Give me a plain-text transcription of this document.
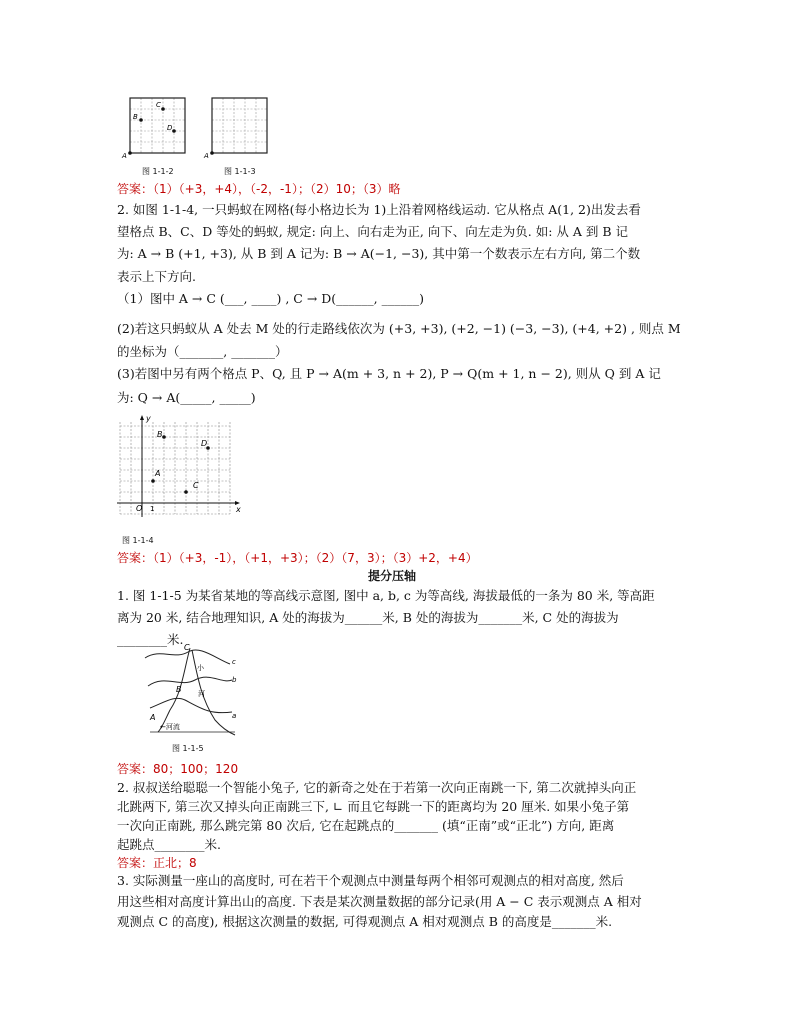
A
B
C
D
图 1-1-2
A
图 1-1-3
答案：（1）（+3，+4），（-2，-1）；（2）10；（3）略
2. 如图 1-1-4, 一只蚂蚁在网格(每小格边长为 1)上沿着网格线运动. 它从格点 A(1, 2)出发去看
望格点 B、C、D 等处的蚂蚁, 规定: 向上、向右走为正, 向下、向左走为负. 如: 从 A 到 B 记
为: A → B (+1, +3), 从 B 到 A 记为: B → A(−1, −3), 其中第一个数表示左右方向, 第二个数
表示上下方向.
（1）图中 A → C (___, ____) , C → D(______, ______)
(2)若这只蚂蚁从 A 处去 M 处的行走路线依次为 (+3, +3), (+2, −1) (−3, −3), (+4, +2) , 则点 M
的坐标为（_______, _______）
(3)若图中另有两个格点 P、Q, 且 P → A(m + 3, n + 2), P → Q(m + 1, n − 2), 则从 Q 到 A 记
为: Q → A(_____, _____)
A
B
C
D
O 1	x
y
图 1-1-4
答案：（1）（+3，-1），（+1，+3）；（2）（7，3）；（3）+2，+4）
提分压轴
1. 图 1-1-5 为某省某地的等高线示意图, 图中 a, b, c 为等高线, 海拔最低的一条为 80 米, 等高距
离为 20 米, 结合地理知识, A 处的海拔为______米, B 处的海拔为_______米, C 处的海拔为
________米.
C
B
A
c
b
a
小
河
←河流
图 1-1-5
答案：80；100；120
2. 叔叔送给聪聪一个智能小兔子, 它的新奇之处在于若第一次向正南跳一下, 第二次就掉头向正
北跳两下, 第三次又掉头向正南跳三下, ∟ 而且它每跳一下的距离均为 20 厘米. 如果小兔子第
一次向正南跳, 那么跳完第 80 次后, 它在起跳点的_______ (填“正南”或“正北”) 方向, 距离
起跳点________米.
答案：正北；8
3. 实际测量一座山的高度时, 可在若干个观测点中测量每两个相邻可观测点的相对高度, 然后
用这些相对高度计算出山的高度. 下表是某次测量数据的部分记录(用 A − C 表示观测点 A 相对
观测点 C 的高度), 根据这次测量的数据, 可得观测点 A 相对观测点 B 的高度是_______米.
